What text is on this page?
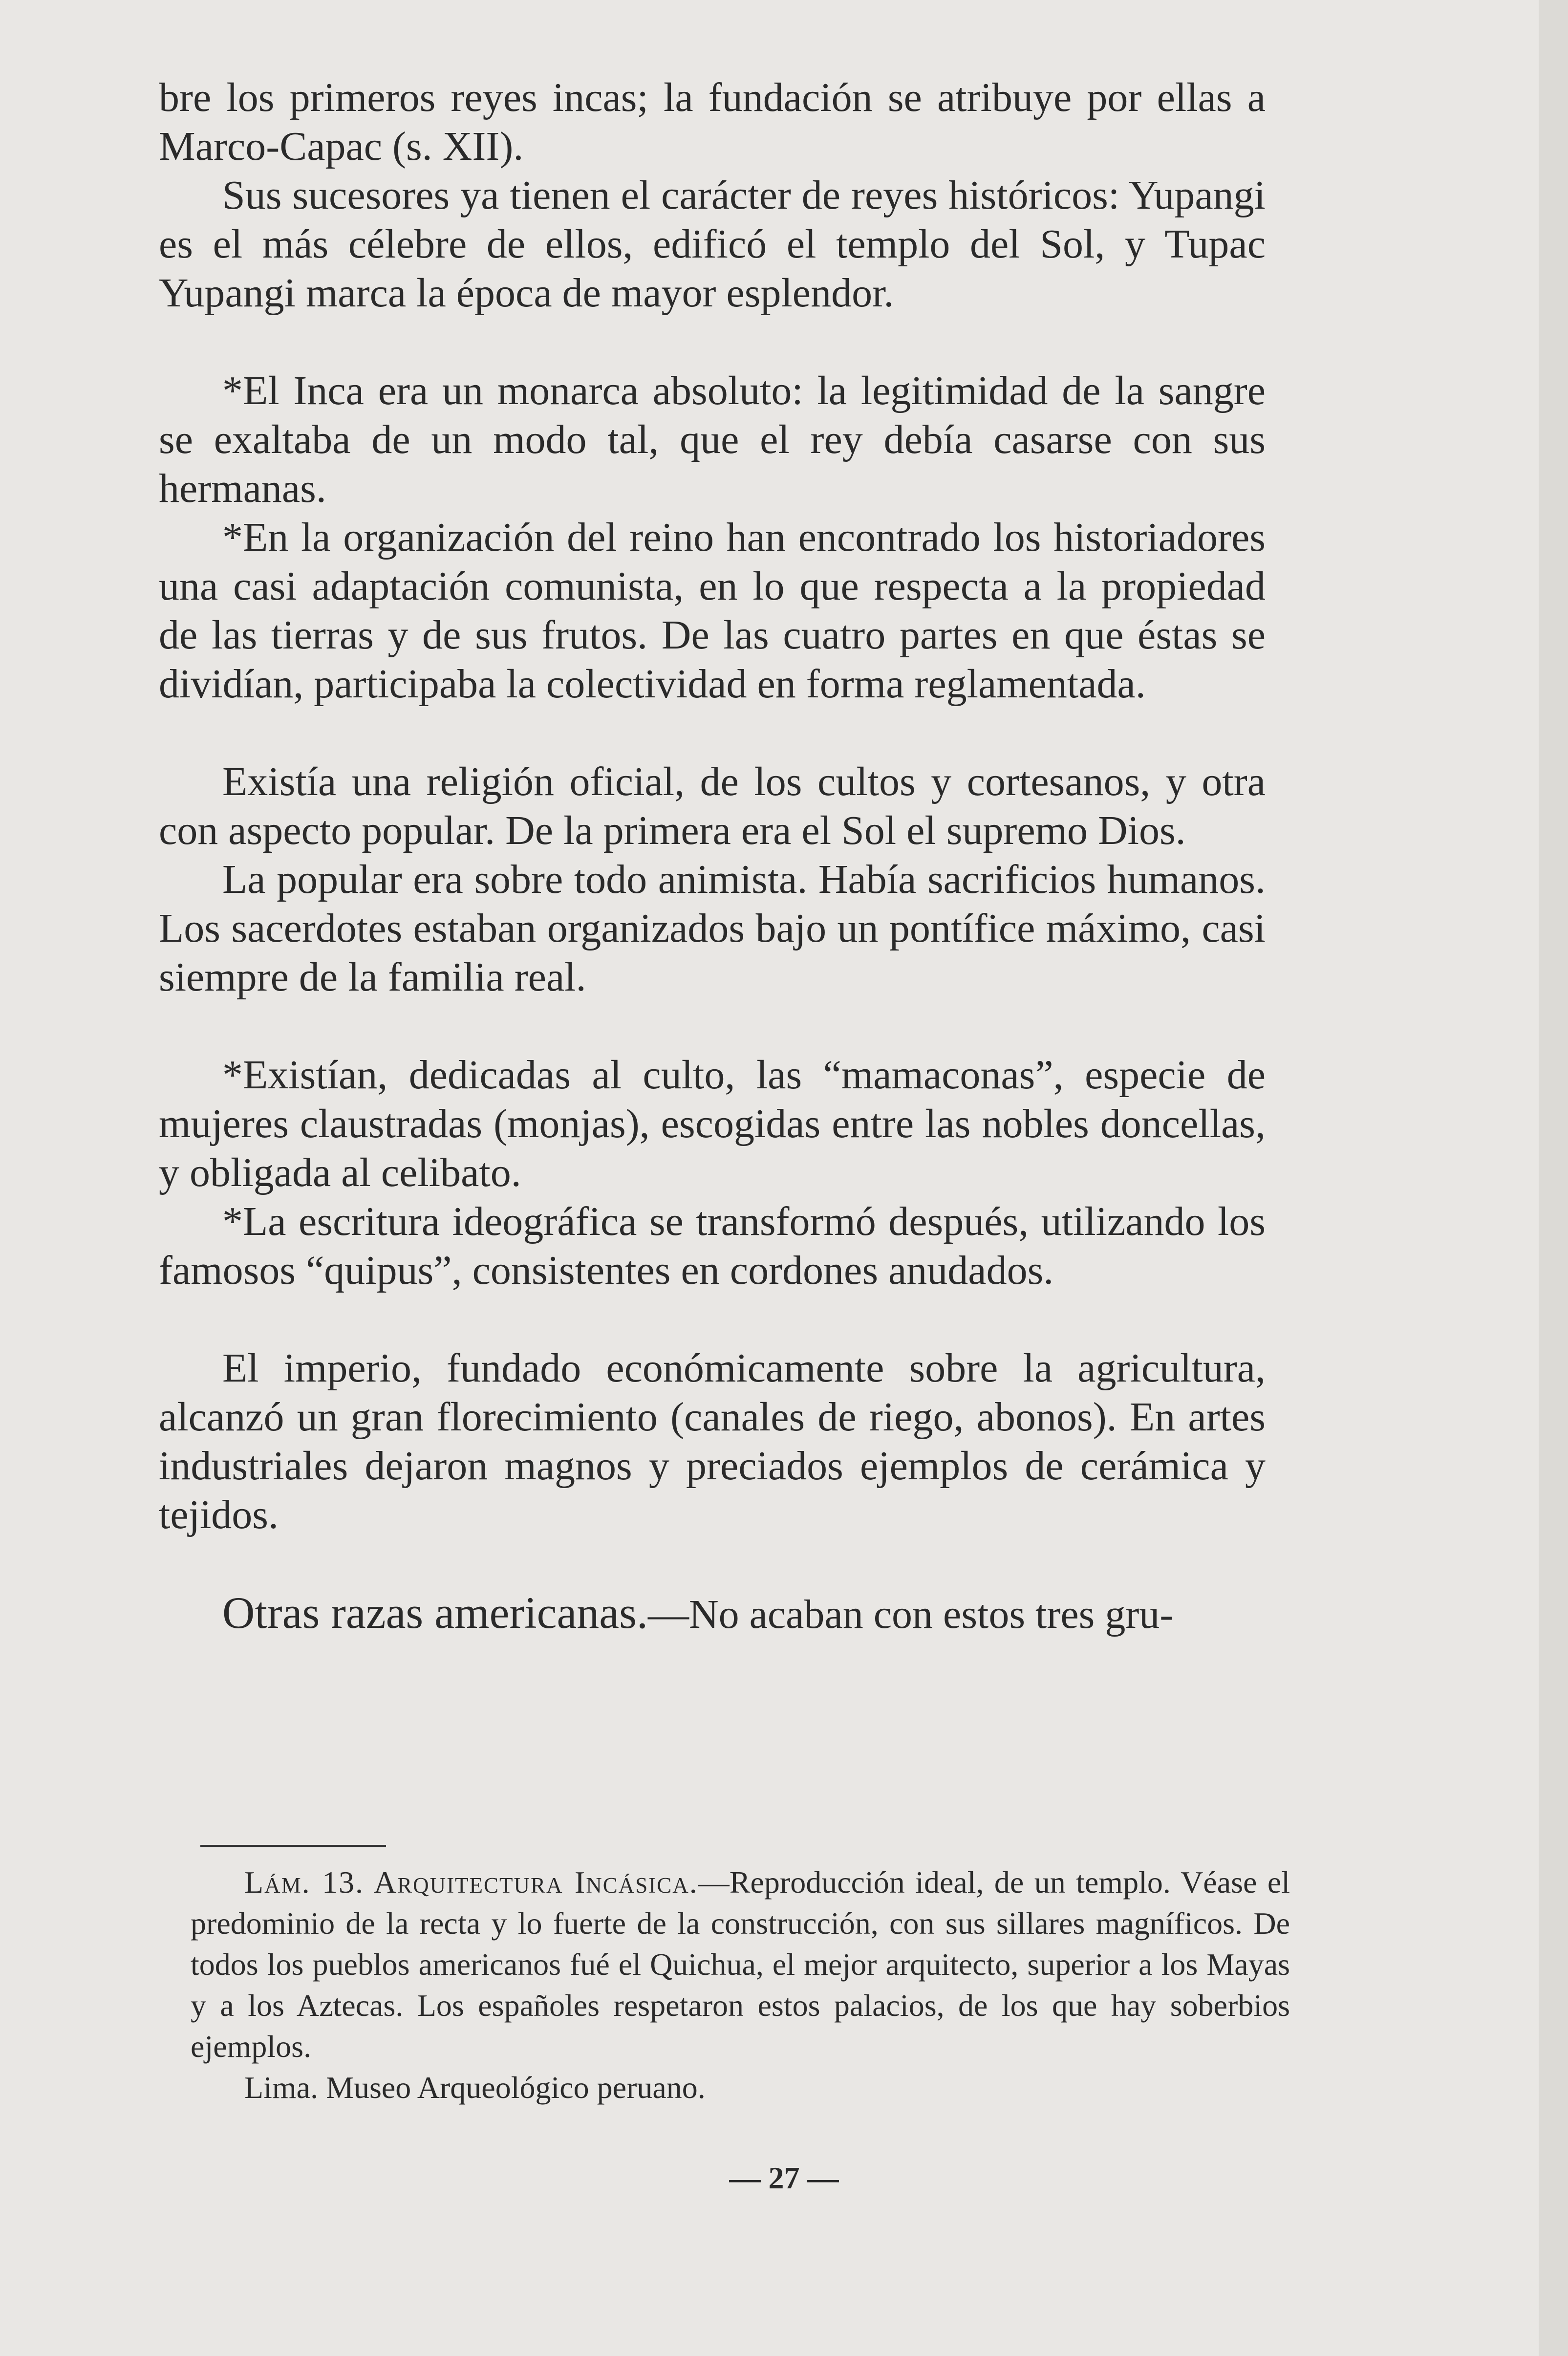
bre los primeros reyes incas; la fundación se atribuye por ellas a Marco-Capac (s. XII).

Sus sucesores ya tienen el carácter de reyes históricos: Yupangi es el más célebre de ellos, edificó el templo del Sol, y Tupac Yupangi marca la época de mayor esplendor.

*El Inca era un monarca absoluto: la legitimidad de la sangre se exaltaba de un modo tal, que el rey debía casarse con sus hermanas.

*En la organización del reino han encontrado los historiadores una casi adaptación comunista, en lo que respecta a la propiedad de las tierras y de sus frutos. De las cuatro partes en que éstas se dividían, participaba la colectividad en forma reglamentada.

Existía una religión oficial, de los cultos y cortesanos, y otra con aspecto popular. De la primera era el Sol el supremo Dios.

La popular era sobre todo animista. Había sacrificios humanos. Los sacerdotes estaban organizados bajo un pontífice máximo, casi siempre de la familia real.

*Existían, dedicadas al culto, las “mamaconas”, especie de mujeres claustradas (monjas), escogidas entre las nobles doncellas, y obligada al celibato.

*La escritura ideográfica se transformó después, utilizando los famosos “quipus”, consistentes en cordones anudados.

El imperio, fundado económicamente sobre la agricultura, alcanzó un gran florecimiento (canales de riego, abonos). En artes industriales dejaron magnos y preciados ejemplos de cerámica y tejidos.

Otras razas americanas.—No acaban con estos tres gru-

Lám. 13. Arquitectura Incásica.—Reproducción ideal, de un templo. Véase el predominio de la recta y lo fuerte de la construcción, con sus sillares magníficos. De todos los pueblos americanos fué el Quichua, el mejor arquitecto, superior a los Mayas y a los Aztecas. Los españoles respetaron estos palacios, de los que hay soberbios ejemplos.

Lima. Museo Arqueológico peruano.

— 27 —
